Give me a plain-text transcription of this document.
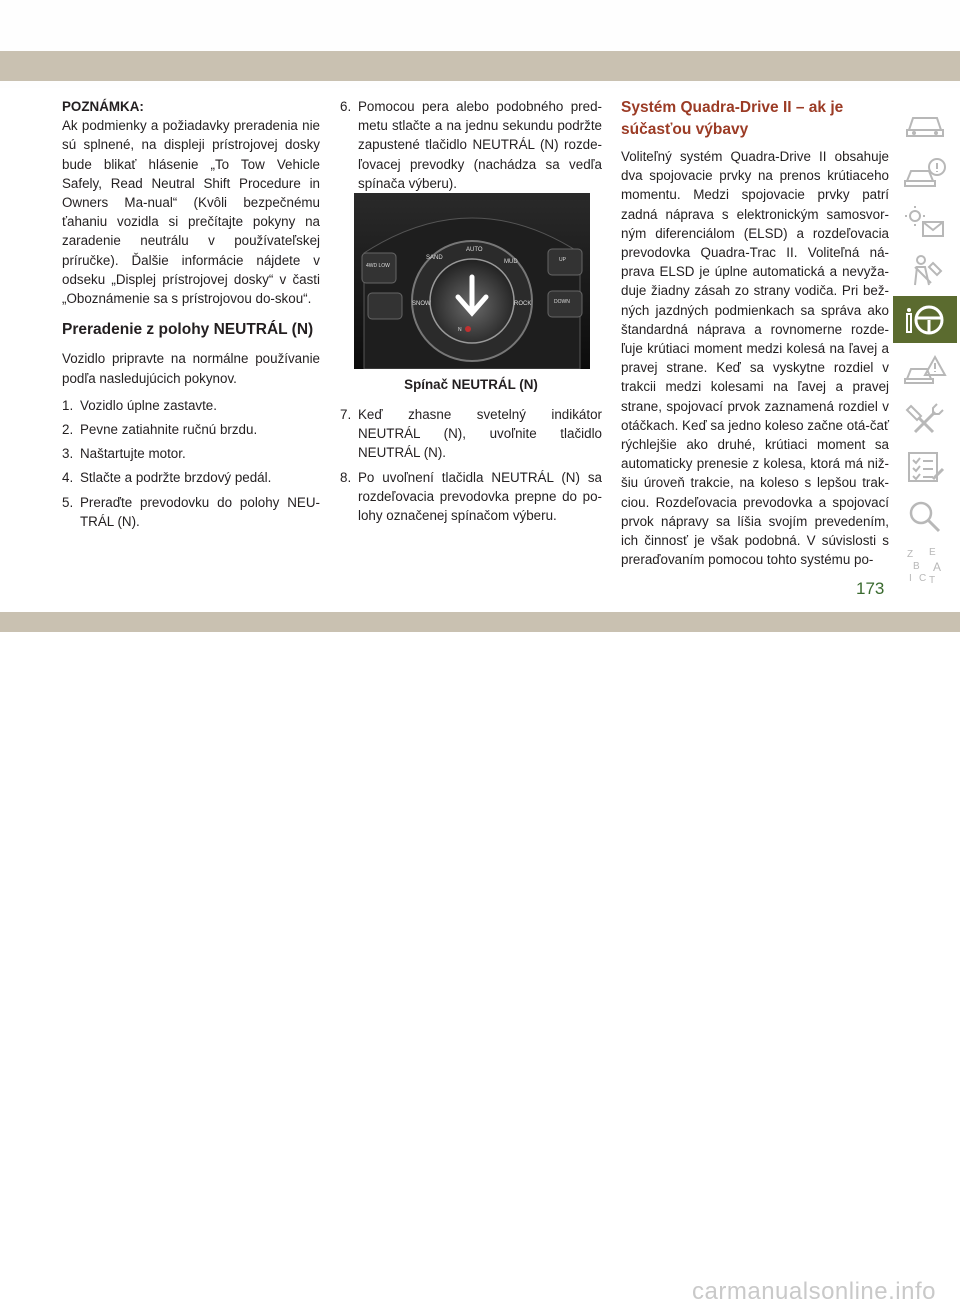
POZNÁMKA:

Ak podmienky a požiadavky preradenia nie sú splnené, na displeji prístrojovej dosky bude blikať hlásenie „To Tow Vehicle Safely, Read Neutral Shift Procedure in Owners Ma-nual“ (Kvôli bezpečnému ťahaniu vozidla si prečítajte pokyny na zaradenie neutrálu v používateľskej príručke). Ďalšie informácie nájdete v odseku „Displej prístrojovej dosky“ v časti „Oboznámenie sa s prístrojovou do-skou“.

Preradenie z polohy NEUTRÁL (N)

Vozidlo pripravte na normálne používanie podľa nasledujúcich pokynov.

1. Vozidlo úplne zastavte.
2. Pevne zatiahnite ručnú brzdu.
3. Naštartujte motor.
4. Stlačte a podržte brzdový pedál.
5. Preraďte prevodovku do polohy NEU-TRÁL (N).
6. Pomocou pera alebo podobného pred-metu stlačte a na jednu sekundu podržte zapustené tlačidlo NEUTRÁL (N) rozde-ľovacej prevodky (nachádza sa vedľa spínača výberu).
AUTO
SAND
MUD
SNOW	ROCK
4WD LOW
UP
DOWN
N
Spínač NEUTRÁL (N)
7. Keď zhasne svetelný indikátor NEUTRÁL (N), uvoľnite tlačidlo NEUTRÁL (N).
8. Po uvoľnení tlačidla NEUTRÁL (N) sa rozdeľovacia prevodovka prepne do po-lohy označenej spínačom výberu.
Systém Quadra-Drive II – ak je
súčasťou výbavy

Voliteľný systém Quadra-Drive II obsahuje dva spojovacie prvky na prenos krútiaceho momentu. Medzi spojovacie prvky patrí zadná náprava s elektronickým samosvor-ným diferenciálom (ELSD) a rozdeľovacia prevodovka Quadra-Trac II. Voliteľná ná-prava ELSD je úplne automatická a nevyža-duje žiadny zásah zo strany vodiča. Pri bež-ných jazdných podmienkach sa správa ako štandardná náprava a rovnomerne rozde-ľuje krútiaci moment medzi kolesá na ľavej a pravej strane. Keď sa vyskytne rozdiel v trakcii medzi kolesami na ľavej a pravej strane, spojovací prvok zaznamená rozdiel v otáčkach. Keď sa jedno koleso začne otá-čať rýchlejšie ako druhé, krútiaci moment sa automaticky prenesie z kolesa, ktorá má niž-šiu úroveň trakcie, na koleso s lepšou trak-ciou. Rozdeľovacia prevodovka a spojovací prvok nápravy sa líšia svojím prevedením, ich činnosť je však podobná. V súvislosti s preraďovaním pomocou tohto systému po-	Z E
B A
C
I T
173
carmanualsonline.info
